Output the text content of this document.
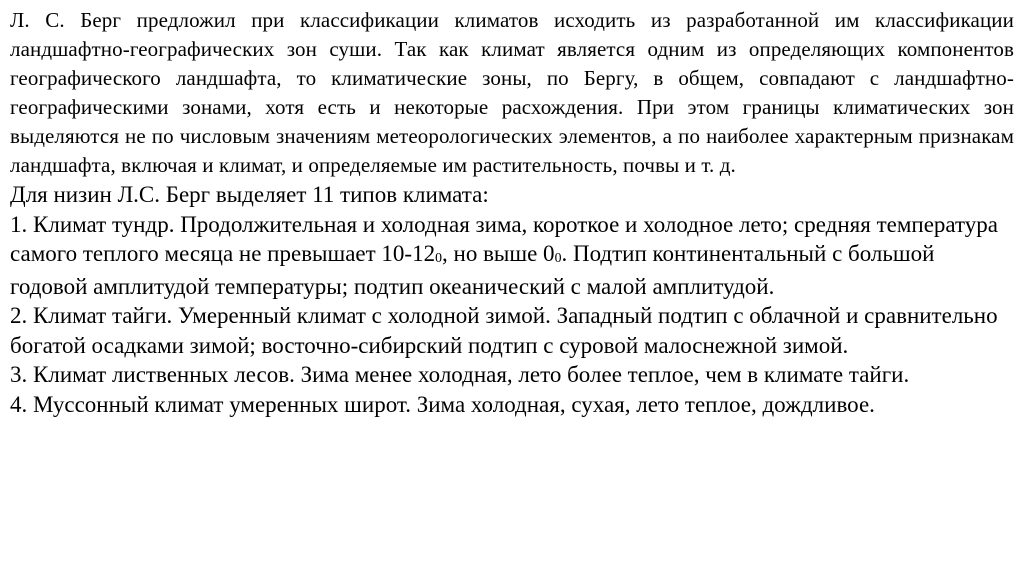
Л. С. Берг предложил при классификации климатов исходить из разработанной им классификации ландшафтно-географических зон суши. Так как климат является одним из определяющих компонентов географического ландшафта, то климатические зоны, по Бергу, в общем, совпадают с ландшафтно-географическими зонами, хотя есть и некоторые расхождения. При этом границы климатических зон выделяются не по числовым значениям метеорологических элементов, а по наиболее характерным признакам ландшафта, включая и климат, и определяемые им растительность, почвы и т. д.

Для низин Л.С. Берг выделяет 11 типов климата:

1. Климат тундр. Продолжительная и холодная зима, короткое и холодное лето; средняя температура самого теплого месяца не превышает 10-120, но выше 00. Подтип континентальный с большой годовой амплитудой температуры; подтип океанический с малой амплитудой.

2. Климат тайги. Умеренный климат с холодной зимой. Западный подтип с облачной и сравнительно богатой осадками зимой; восточно-сибирский подтип с суровой малоснежной зимой.

3. Климат лиственных лесов. Зима менее холодная, лето более теплое, чем в климате тайги.

4. Муссонный климат умеренных широт. Зима холодная, сухая, лето теплое, дождливое.
